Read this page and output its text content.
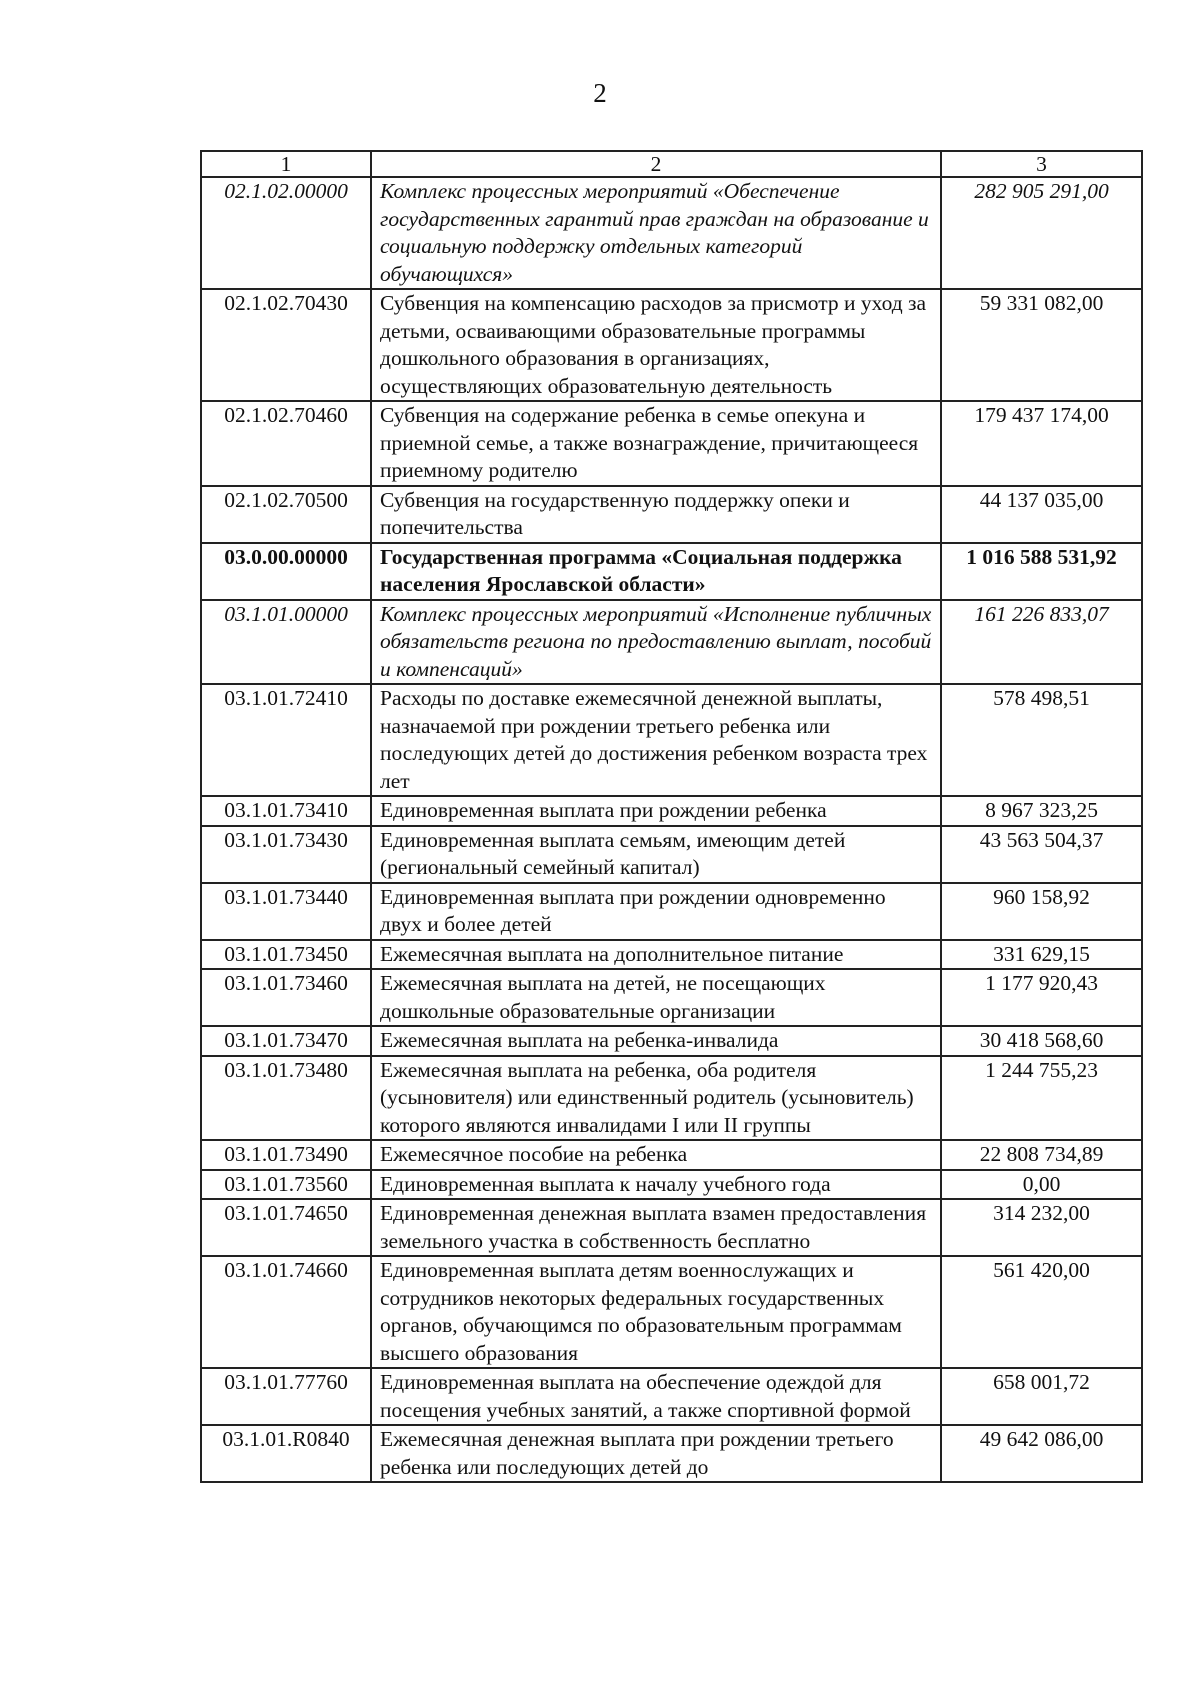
2
1	2	3
02.1.02.00000	Комплекс процессных мероприятий «Обеспечение государственных гарантий прав граждан на образование и социальную поддержку отдельных категорий обучающихся»	282 905 291,00
02.1.02.70430	Субвенция на компенсацию расходов за присмотр и уход за детьми, осваивающими образовательные программы дошкольного образования в организациях, осуществляющих образовательную деятельность	59 331 082,00
02.1.02.70460	Субвенция на содержание ребенка в семье опекуна и приемной семье, а также вознаграждение, причитающееся приемному родителю	179 437 174,00
02.1.02.70500	Субвенция на государственную поддержку опеки и попечительства	44 137 035,00
03.0.00.00000	Государственная программа «Социальная поддержка населения Ярославской области»	1 016 588 531,92
03.1.01.00000	Комплекс процессных мероприятий «Исполнение публичных обязательств региона по предоставлению выплат, пособий и компенсаций»	161 226 833,07
03.1.01.72410	Расходы по доставке ежемесячной денежной выплаты, назначаемой при рождении третьего ребенка или последующих детей до достижения ребенком возраста трех лет	578 498,51
03.1.01.73410	Единовременная выплата при рождении ребенка	8 967 323,25
03.1.01.73430	Единовременная выплата семьям, имеющим детей (региональный семейный капитал)	43 563 504,37
03.1.01.73440	Единовременная выплата при рождении одновременно двух и более детей	960 158,92
03.1.01.73450	Ежемесячная выплата на дополнительное питание	331 629,15
03.1.01.73460	Ежемесячная выплата на детей, не посещающих дошкольные образовательные организации	1 177 920,43
03.1.01.73470	Ежемесячная выплата на ребенка-инвалида	30 418 568,60
03.1.01.73480	Ежемесячная выплата на ребенка, оба родителя (усыновителя) или единственный родитель (усыновитель) которого являются инвалидами I или II группы	1 244 755,23
03.1.01.73490	Ежемесячное пособие на ребенка	22 808 734,89
03.1.01.73560	Единовременная выплата к началу учебного года	0,00
03.1.01.74650	Единовременная денежная выплата взамен предоставления земельного участка в собственность бесплатно	314 232,00
03.1.01.74660	Единовременная выплата детям военнослужащих и сотрудников некоторых федеральных государственных органов, обучающимся по образовательным программам высшего образования	561 420,00
03.1.01.77760	Единовременная выплата на обеспечение одеждой для посещения учебных занятий, а также спортивной формой	658 001,72
03.1.01.R0840	Ежемесячная денежная выплата при рождении третьего ребенка или последующих детей до	49 642 086,00
